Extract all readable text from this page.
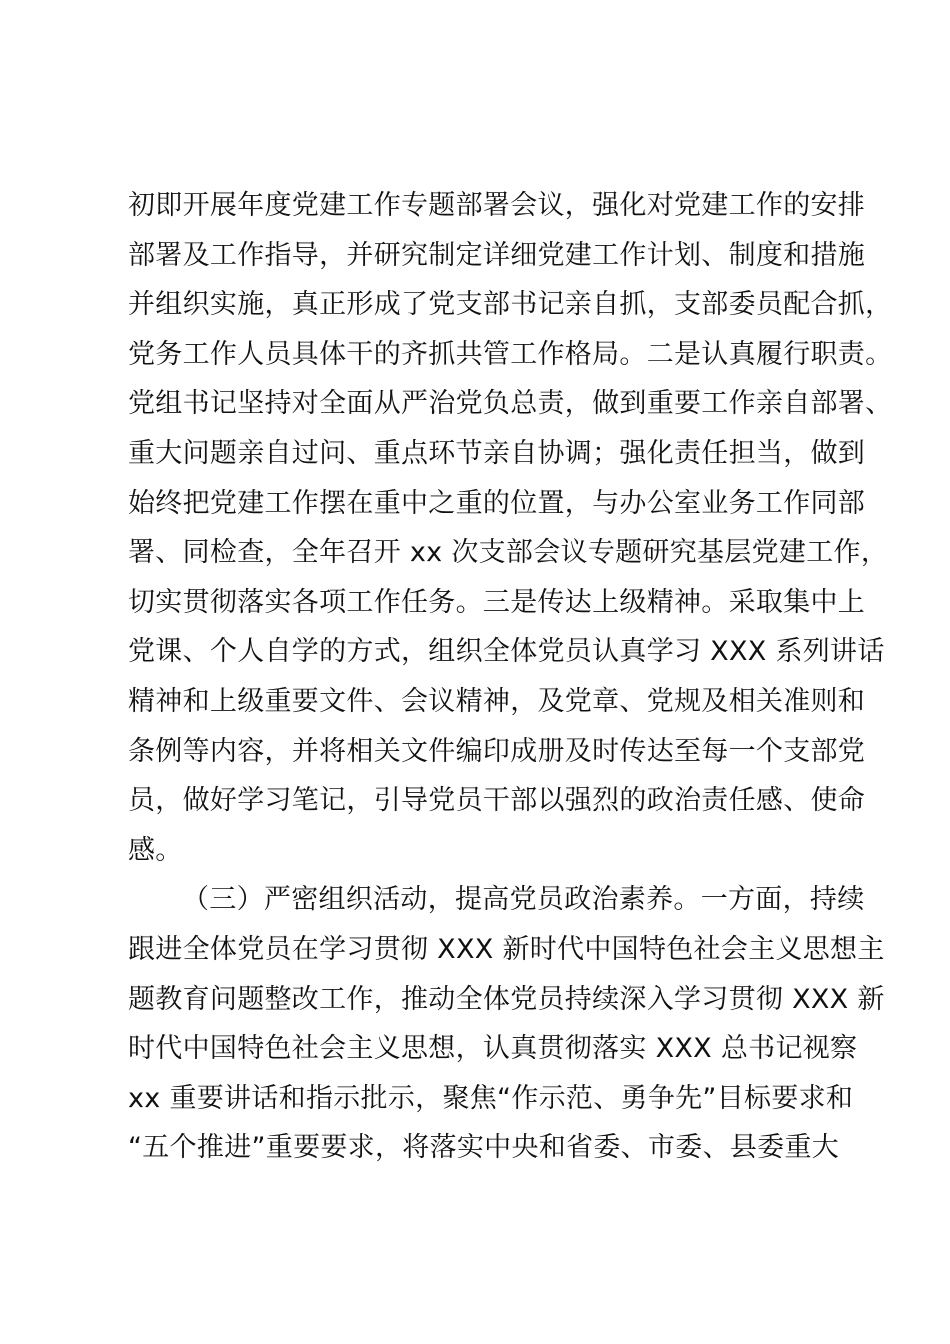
初即开展年度党建工作专题部署会议，强化对党建工作的安排
部署及工作指导，并研究制定详细党建工作计划、制度和措施
并组织实施，真正形成了党支部书记亲自抓，支部委员配合抓，
党务工作人员具体干的齐抓共管工作格局。二是认真履行职责。
党组书记坚持对全面从严治党负总责，做到重要工作亲自部署、
重大问题亲自过问、重点环节亲自协调；强化责任担当，做到
始终把党建工作摆在重中之重的位置，与办公室业务工作同部
署、同检查，全年召开 xx 次支部会议专题研究基层党建工作，
切实贯彻落实各项工作任务。三是传达上级精神。采取集中上
党课、个人自学的方式，组织全体党员认真学习 XXX 系列讲话
精神和上级重要文件、会议精神，及党章、党规及相关准则和
条例等内容，并将相关文件编印成册及时传达至每一个支部党
员，做好学习笔记，引导党员干部以强烈的政治责任感、使命
感。
（三）严密组织活动，提高党员政治素养。一方面，持续
跟进全体党员在学习贯彻 XXX 新时代中国特色社会主义思想主
题教育问题整改工作，推动全体党员持续深入学习贯彻 XXX 新
时代中国特色社会主义思想，认真贯彻落实 XXX 总书记视察
xx 重要讲话和指示批示，聚焦“作示范、勇争先”目标要求和
“五个推进”重要要求，将落实中央和省委、市委、县委重大
